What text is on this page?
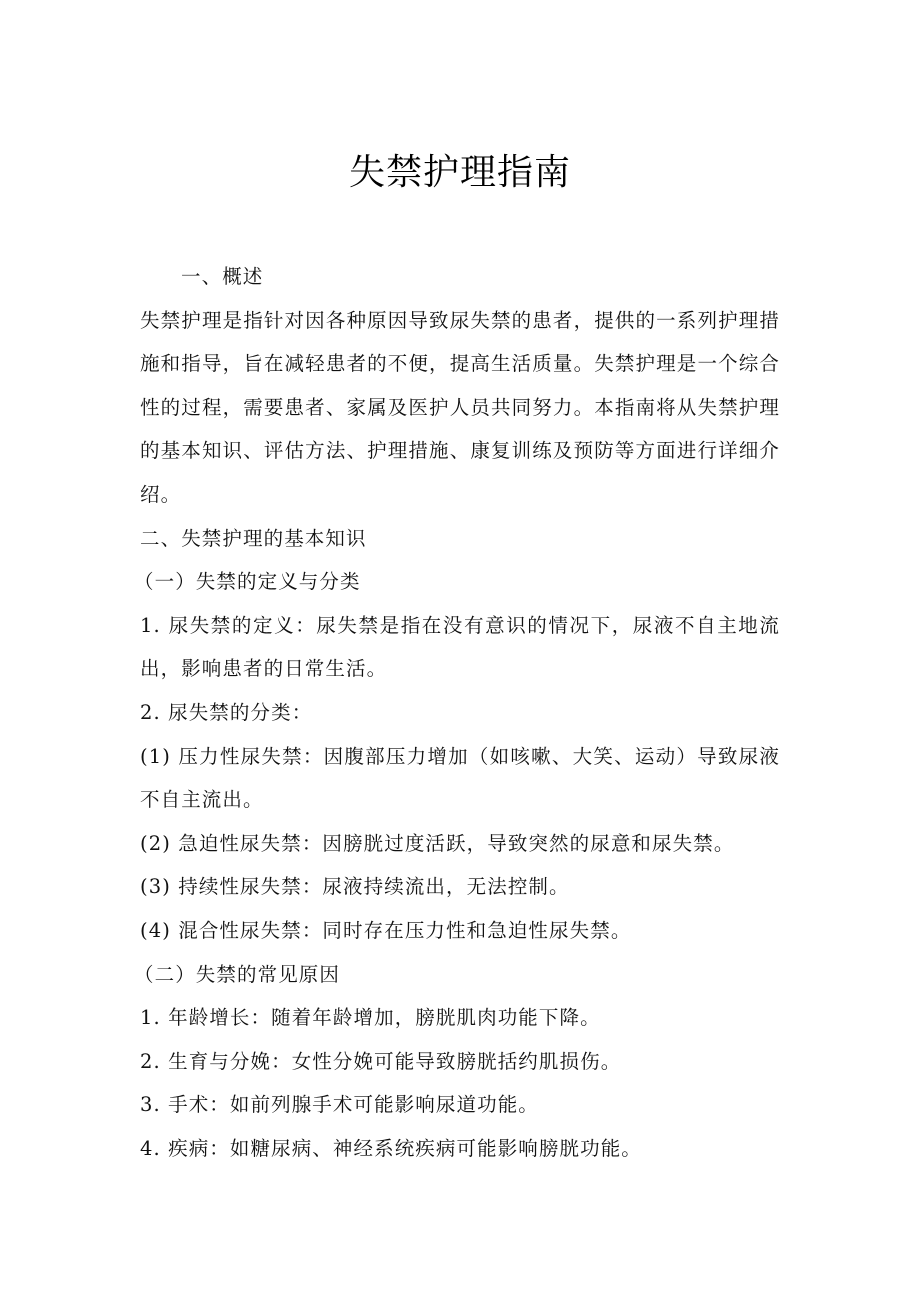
失禁护理指南

一、概述

失禁护理是指针对因各种原因导致尿失禁的患者，提供的一系列护理措施和指导，旨在减轻患者的不便，提高生活质量。失禁护理是一个综合性的过程，需要患者、家属及医护人员共同努力。本指南将从失禁护理的基本知识、评估方法、护理措施、康复训练及预防等方面进行详细介绍。

二、失禁护理的基本知识

（一）失禁的定义与分类

1. 尿失禁的定义：尿失禁是指在没有意识的情况下，尿液不自主地流出，影响患者的日常生活。

2. 尿失禁的分类：

(1) 压力性尿失禁：因腹部压力增加（如咳嗽、大笑、运动）导致尿液不自主流出。

(2) 急迫性尿失禁：因膀胱过度活跃，导致突然的尿意和尿失禁。

(3) 持续性尿失禁：尿液持续流出，无法控制。

(4) 混合性尿失禁：同时存在压力性和急迫性尿失禁。

（二）失禁的常见原因

1. 年龄增长：随着年龄增加，膀胱肌肉功能下降。

2. 生育与分娩：女性分娩可能导致膀胱括约肌损伤。

3. 手术：如前列腺手术可能影响尿道功能。

4. 疾病：如糖尿病、神经系统疾病可能影响膀胱功能。
